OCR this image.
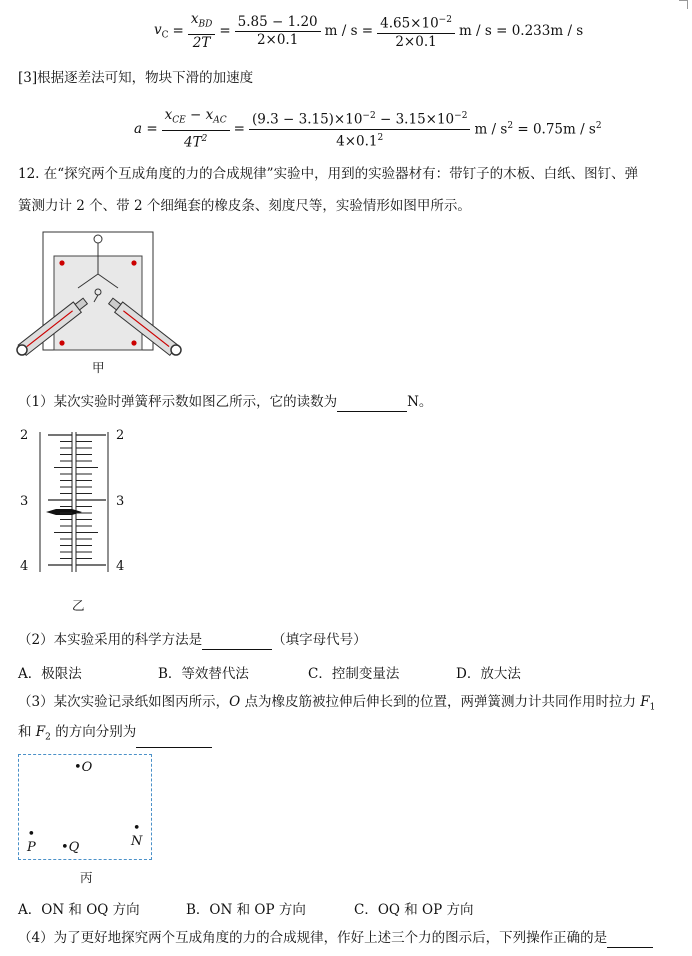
$v_C = \frac{x_{BD}}{2T} = \frac{5.85 - 1.20}{2\times 0.1}$ $m / s = \frac{4.65\times 10^{-2}}{2\times 0.1}$ m / s = 0.233m / s
[3]根据逐差法可知，物块下滑的加速度
$a = \frac{x_{CE} - x_{AC}}{4T^2} = \frac{(9.3 - 3.15)\times 10^{-2} - 3.15\times 10^{-2}}{4\times 0.1^2}$ $m / s^2 = 0.75m / s^2$
12. 在“探究两个互成角度的力的合成规律”实验中，用到的实验器材有：带钉子的木板、白纸、图钉、弹
簧测力计 2 个、带 2 个细绳套的橡皮条、刻度尺等，实验情形如图甲所示。
甲
（1）某次实验时弹簧秤示数如图乙所示，它的读数为	N。
2
3
4
2
3
4
乙
（2）本实验采用的科学方法是	（填字母代号）
A．极限法	B．等效替代法	C．控制变量法	D．放大法
（3）某次实验记录纸如图丙所示，O 点为橡皮筋被拉伸后伸长到的位置，两弹簧测力计共同作用时拉力 $F_1$
和 $F_2$ 的方向分别为
•O
•
P •Q
•
N
丙
A．ON 和 OQ 方向	B．ON 和 OP 方向	C．OQ 和 OP 方向
（4）为了更好地探究两个互成角度的力的合成规律，作好上述三个力的图示后，下列操作正确的是
